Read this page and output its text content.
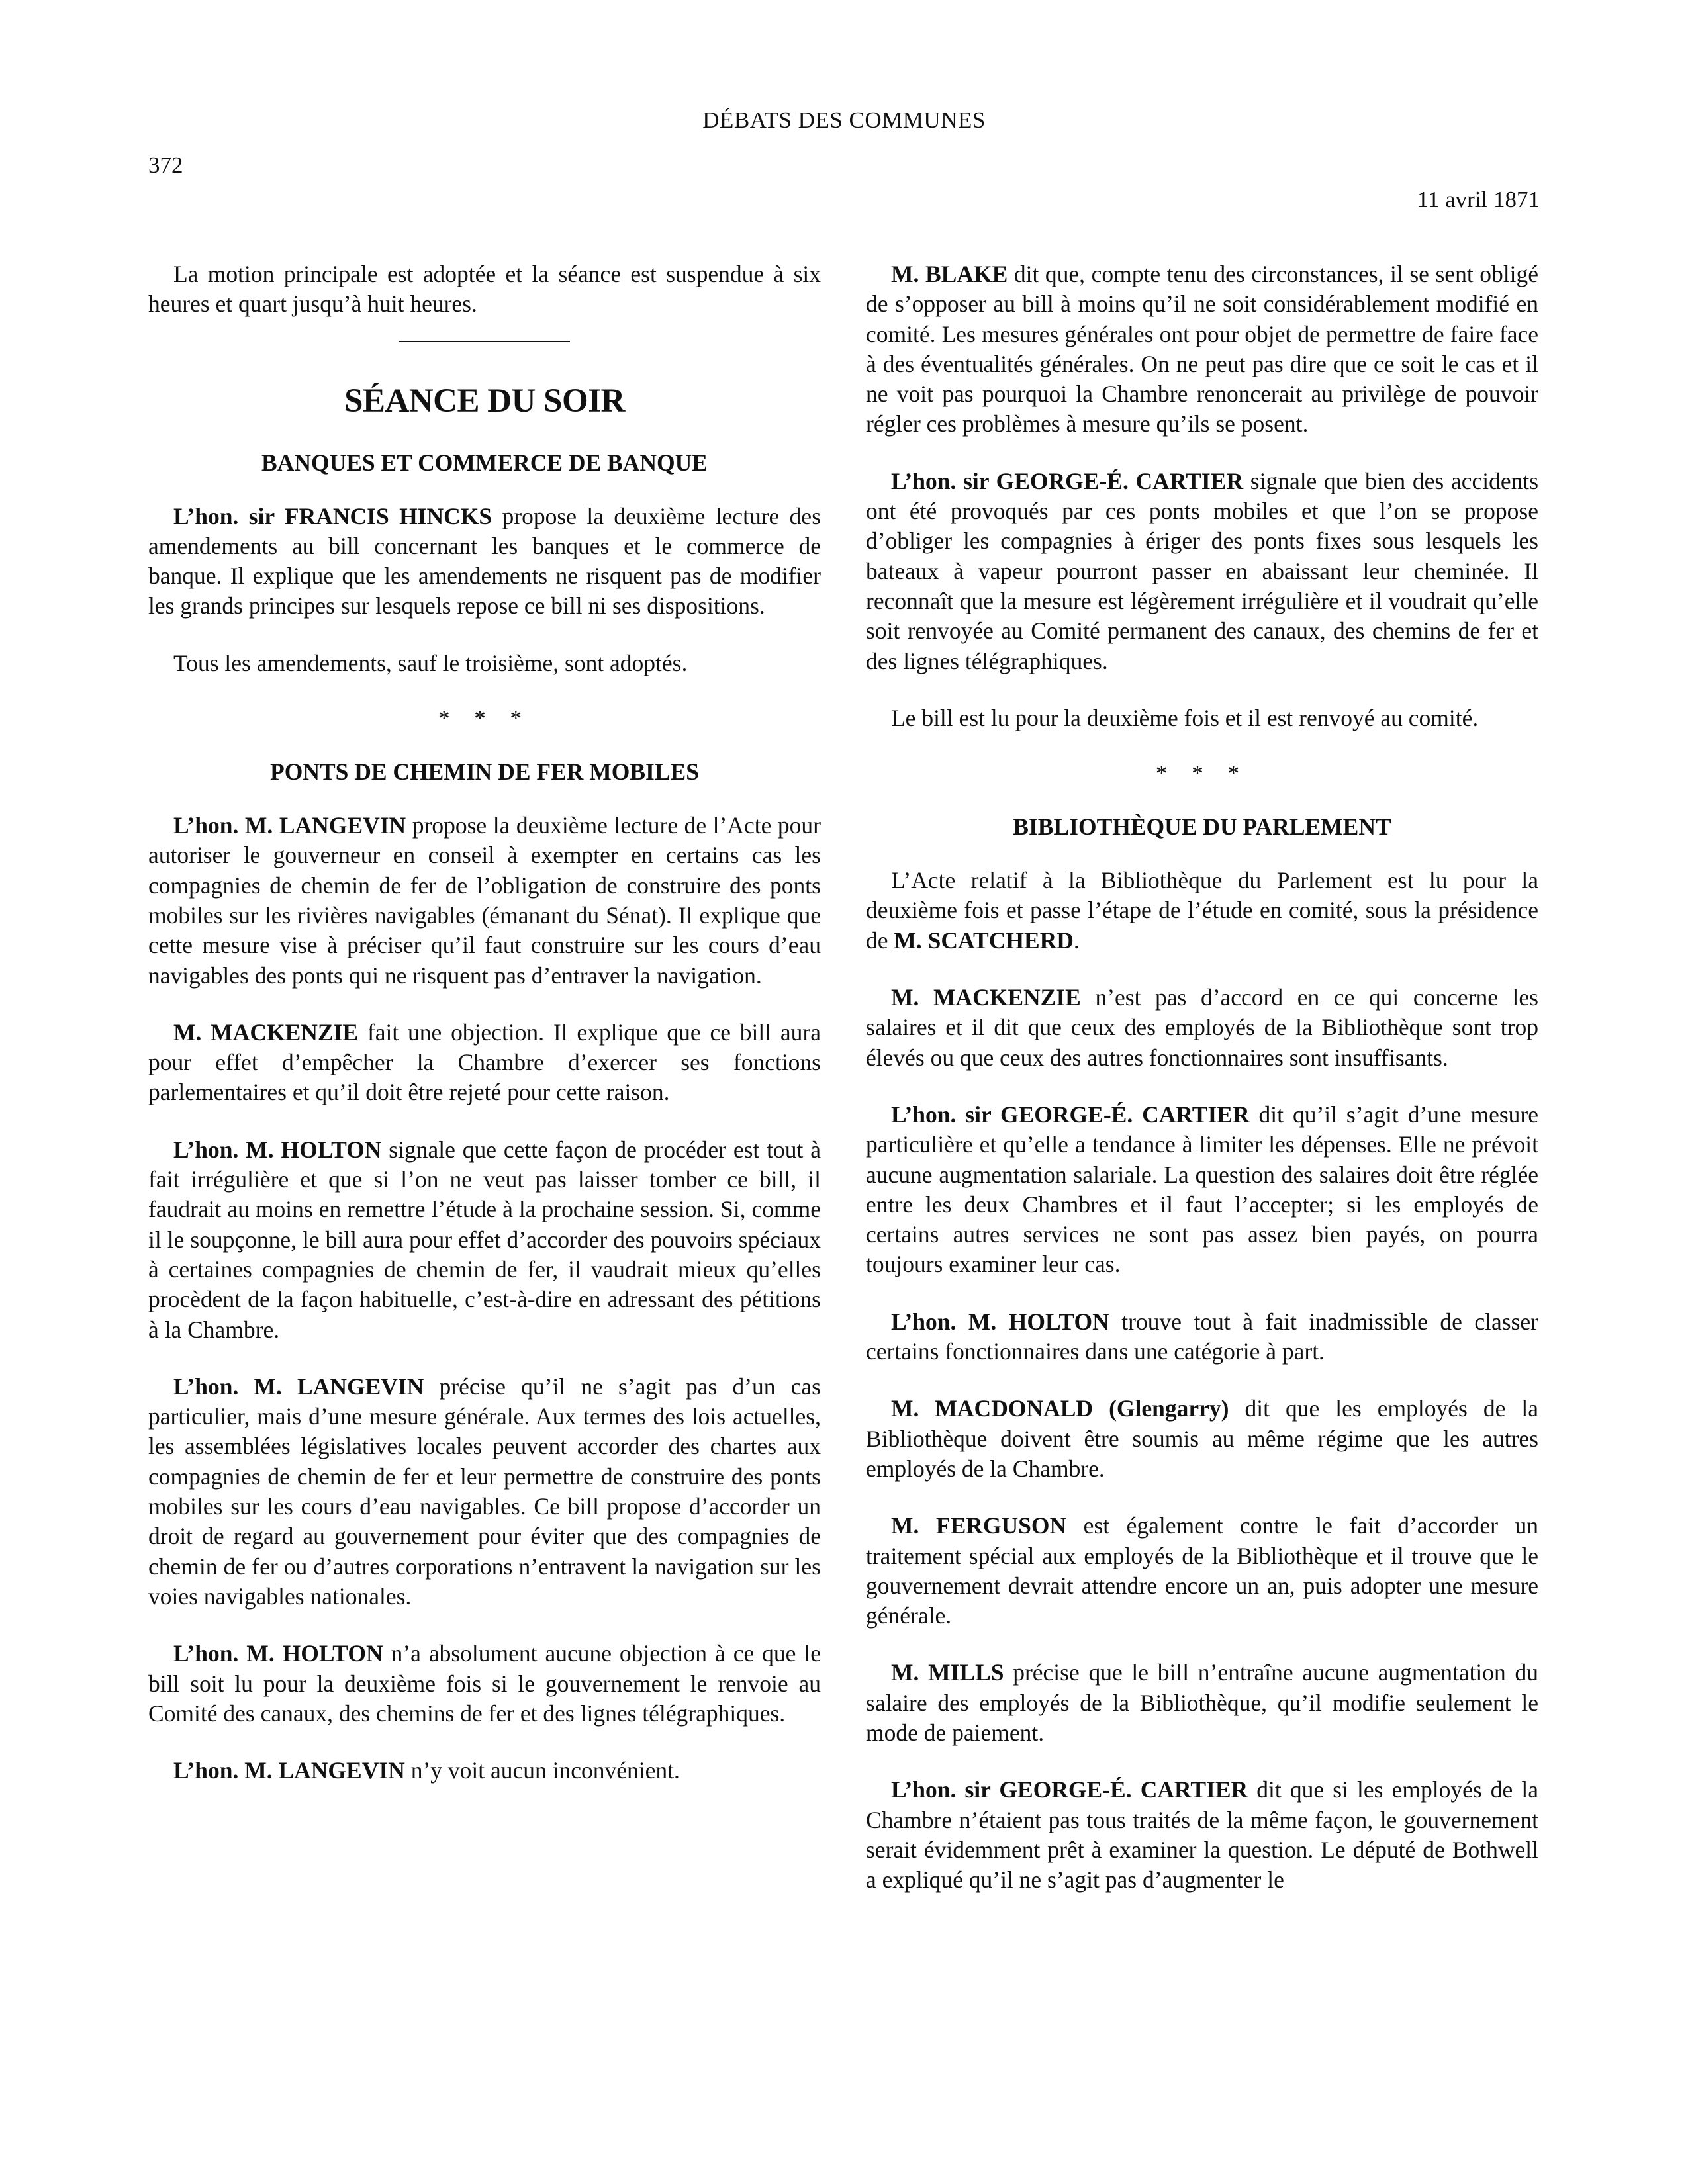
DÉBATS DES COMMUNES
372
11 avril 1871

La motion principale est adoptée et la séance est suspendue à six heures et quart jusqu’à huit heures.

SÉANCE DU SOIR
BANQUES ET COMMERCE DE BANQUE

L’hon. sir FRANCIS HINCKS propose la deuxième lecture des amendements au bill concernant les banques et le commerce de banque. Il explique que les amendements ne risquent pas de modifier les grands principes sur lesquels repose ce bill ni ses dispositions.

Tous les amendements, sauf le troisième, sont adoptés.

* * *
PONTS DE CHEMIN DE FER MOBILES

L’hon. M. LANGEVIN propose la deuxième lecture de l’Acte pour autoriser le gouverneur en conseil à exempter en certains cas les compagnies de chemin de fer de l’obligation de construire des ponts mobiles sur les rivières navigables (émanant du Sénat). Il explique que cette mesure vise à préciser qu’il faut construire sur les cours d’eau navigables des ponts qui ne risquent pas d’entraver la navigation.

M. MACKENZIE fait une objection. Il explique que ce bill aura pour effet d’empêcher la Chambre d’exercer ses fonctions parlementaires et qu’il doit être rejeté pour cette raison.

L’hon. M. HOLTON signale que cette façon de procéder est tout à fait irrégulière et que si l’on ne veut pas laisser tomber ce bill, il faudrait au moins en remettre l’étude à la prochaine session. Si, comme il le soupçonne, le bill aura pour effet d’accorder des pouvoirs spéciaux à certaines compagnies de chemin de fer, il vaudrait mieux qu’elles procèdent de la façon habituelle, c’est-à-dire en adressant des pétitions à la Chambre.

L’hon. M. LANGEVIN précise qu’il ne s’agit pas d’un cas particulier, mais d’une mesure générale. Aux termes des lois actuelles, les assemblées législatives locales peuvent accorder des chartes aux compagnies de chemin de fer et leur permettre de construire des ponts mobiles sur les cours d’eau navigables. Ce bill propose d’accorder un droit de regard au gouvernement pour éviter que des compagnies de chemin de fer ou d’autres corporations n’entravent la navigation sur les voies navigables nationales.

L’hon. M. HOLTON n’a absolument aucune objection à ce que le bill soit lu pour la deuxième fois si le gouvernement le renvoie au Comité des canaux, des chemins de fer et des lignes télégraphiques.

L’hon. M. LANGEVIN n’y voit aucun inconvénient.

M. BLAKE dit que, compte tenu des circonstances, il se sent obligé de s’opposer au bill à moins qu’il ne soit considérablement modifié en comité. Les mesures générales ont pour objet de permettre de faire face à des éventualités générales. On ne peut pas dire que ce soit le cas et il ne voit pas pourquoi la Chambre renoncerait au privilège de pouvoir régler ces problèmes à mesure qu’ils se posent.

L’hon. sir GEORGE-É. CARTIER signale que bien des accidents ont été provoqués par ces ponts mobiles et que l’on se propose d’obliger les compagnies à ériger des ponts fixes sous lesquels les bateaux à vapeur pourront passer en abaissant leur cheminée. Il reconnaît que la mesure est légèrement irrégulière et il voudrait qu’elle soit renvoyée au Comité permanent des canaux, des chemins de fer et des lignes télégraphiques.

Le bill est lu pour la deuxième fois et il est renvoyé au comité.

* * *
BIBLIOTHÈQUE DU PARLEMENT

L’Acte relatif à la Bibliothèque du Parlement est lu pour la deuxième fois et passe l’étape de l’étude en comité, sous la présidence de M. SCATCHERD.

M. MACKENZIE n’est pas d’accord en ce qui concerne les salaires et il dit que ceux des employés de la Bibliothèque sont trop élevés ou que ceux des autres fonctionnaires sont insuffisants.

L’hon. sir GEORGE-É. CARTIER dit qu’il s’agit d’une mesure particulière et qu’elle a tendance à limiter les dépenses. Elle ne prévoit aucune augmentation salariale. La question des salaires doit être réglée entre les deux Chambres et il faut l’accepter; si les employés de certains autres services ne sont pas assez bien payés, on pourra toujours examiner leur cas.

L’hon. M. HOLTON trouve tout à fait inadmissible de classer certains fonctionnaires dans une catégorie à part.

M. MACDONALD (Glengarry) dit que les employés de la Bibliothèque doivent être soumis au même régime que les autres employés de la Chambre.

M. FERGUSON est également contre le fait d’accorder un traitement spécial aux employés de la Bibliothèque et il trouve que le gouvernement devrait attendre encore un an, puis adopter une mesure générale.

M. MILLS précise que le bill n’entraîne aucune augmentation du salaire des employés de la Bibliothèque, qu’il modifie seulement le mode de paiement.

L’hon. sir GEORGE-É. CARTIER dit que si les employés de la Chambre n’étaient pas tous traités de la même façon, le gouvernement serait évidemment prêt à examiner la question. Le député de Bothwell a expliqué qu’il ne s’agit pas d’augmenter le
